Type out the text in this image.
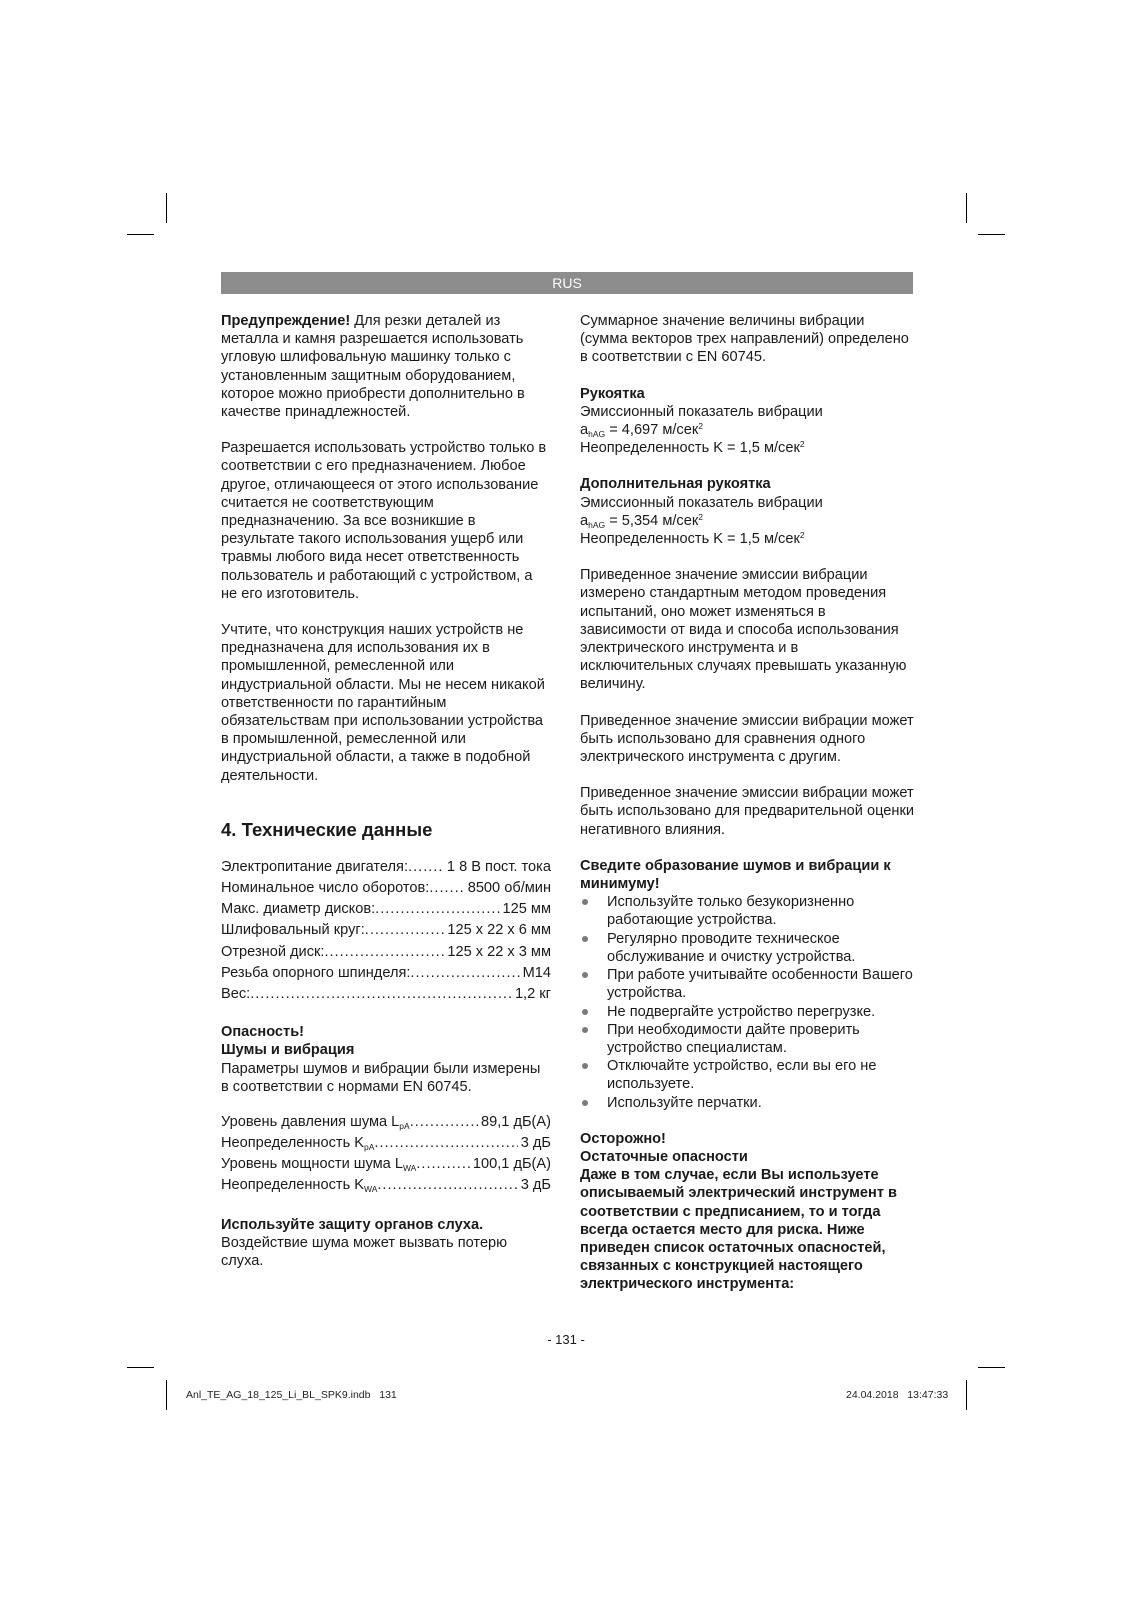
RUS

Предупреждение! Для резки деталей из металла и камня разрешается использовать угловую шлифовальную машинку только с установленным защитным оборудованием, которое можно приобрести дополнительно в качестве принадлежностей.

Разрешается использовать устройство только в соответствии с его предназначением. Любое другое, отличающееся от этого использование считается не соответствующим предназначению. За все возникшие в результате такого использования ущерб или травмы любого вида несет ответственность пользователь и работающий с устройством, а не его изготовитель.

Учтите, что конструкция наших устройств не предназначена для использования их в промышленной, ремесленной или индустриальной области. Мы не несем никакой ответственности по гарантийным обязательствам при использовании устройства в промышленной, ремесленной или индустриальной области, а также в подобной деятельности.

4. Технические данные
Электропитание двигателя: .....	1 8 В пост. тока
Номинальное число оборотов: .....	8500 об/мин
Макс. диаметр дисков: .....	125 мм
Шлифовальный круг: .....	125 x 22 x 6 мм
Отрезной диск: .....	125 x 22 x 3 мм
Резьба опорного шпинделя: .....	M14
Вес: .....	1,2 кг

Опасность!

Шумы и вибрация

Параметры шумов и вибрации были измерены в соответствии с нормами EN 60745.

Уровень давления шума $L_{pA}$ .....	89,1 дБ(A)
Неопределенность $K_{pA}$ .....	3 дБ
Уровень мощности шума $L_{WA}$ .....	100,1 дБ(A)
Неопределенность $K_{WA}$ .....	3 дБ

Используйте защиту органов слуха.

Воздействие шума может вызвать потерю слуха.

Суммарное значение величины вибрации (сумма векторов трех направлений) определено в соответствии с EN 60745.

Рукоятка

Эмиссионный показатель вибрации

$a_{hAG} = 4,697$ м/сек$^2$

Неопределенность K = 1,5 м/сек$^2$

Дополнительная рукоятка

Эмиссионный показатель вибрации

$a_{hAG} = 5,354$ м/сек$^2$

Неопределенность K = 1,5 м/сек$^2$

Приведенное значение эмиссии вибрации измерено стандартным методом проведения испытаний, оно может изменяться в зависимости от вида и способа использования электрического инструмента и в исключительных случаях превышать указанную величину.

Приведенное значение эмиссии вибрации может быть использовано для сравнения одного электрического инструмента с другим.

Приведенное значение эмиссии вибрации может быть использовано для предварительной оценки негативного влияния.

Сведите образование шумов и вибрации к минимуму!

Используйте только безукоризненно работающие устройства.
Регулярно проводите техническое обслуживание и очистку устройства.
При работе учитывайте особенности Вашего устройства.
Не подвергайте устройство перегрузке.
При необходимости дайте проверить устройство специалистам.
Отключайте устройство, если вы его не используете.
Используйте перчатки.

Осторожно!

Остаточные опасности

Даже в том случае, если Вы используете описываемый электрический инструмент в соответствии с предписанием, то и тогда всегда остается место для риска. Ниже приведен список остаточных опасностей, связанных с конструкцией настоящего электрического инструмента:

- 131 -
Anl_TE_AG_18_125_Li_BL_SPK9.indb   131	24.04.2018   13:47:33
